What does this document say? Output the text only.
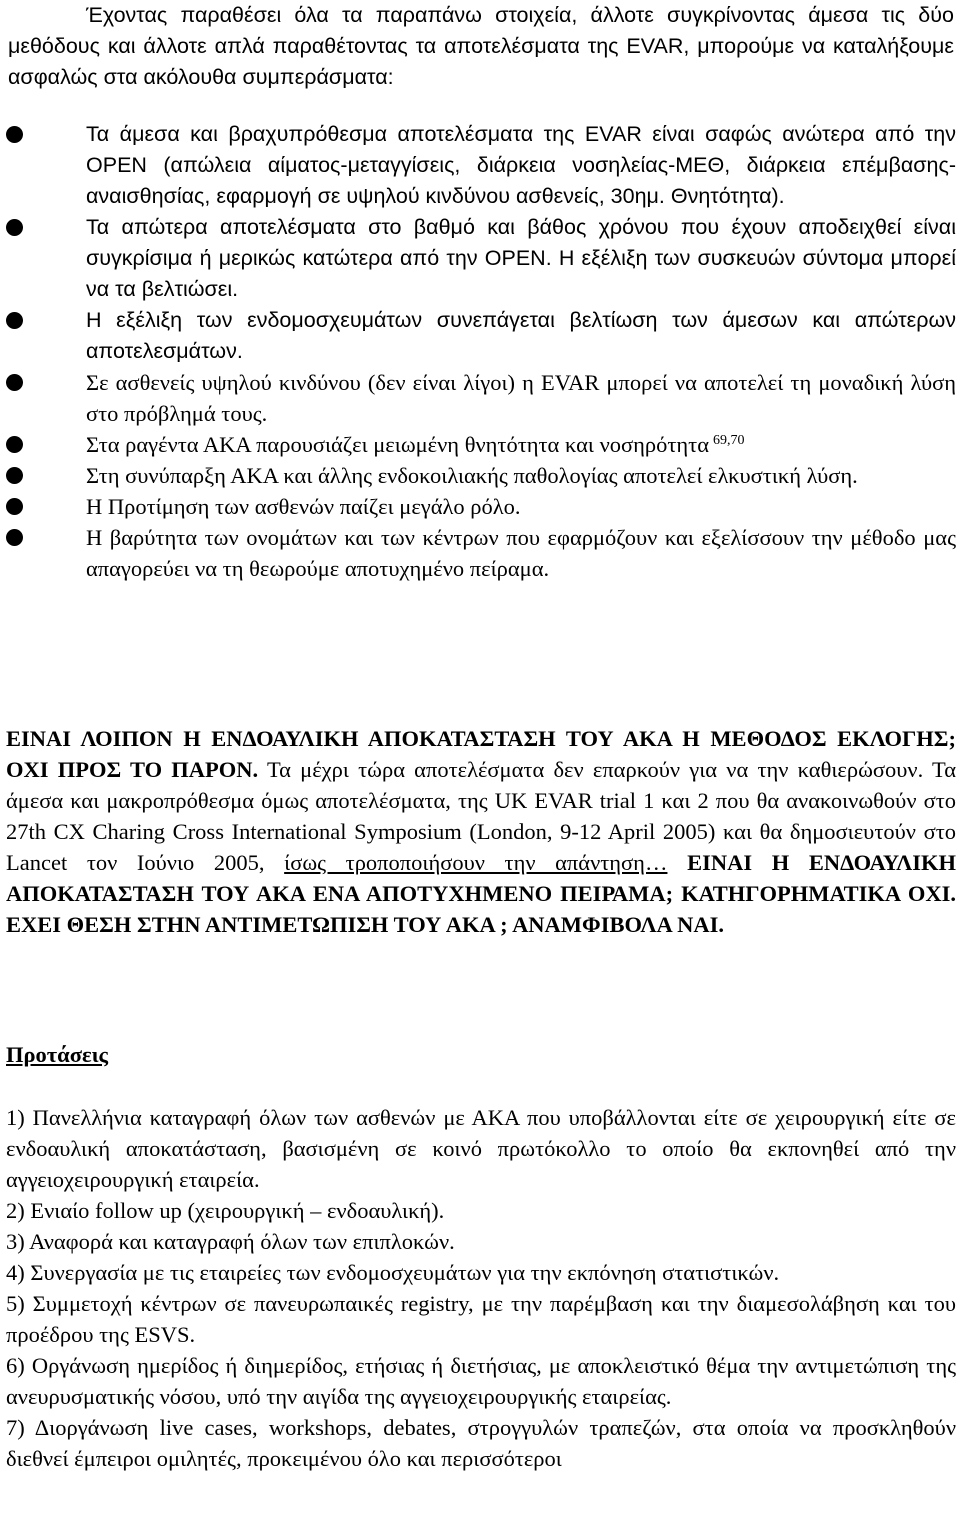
Έχοντας παραθέσει όλα τα παραπάνω στοιχεία, άλλοτε συγκρίνοντας άμεσα τις δύο μεθόδους και άλλοτε απλά παραθέτοντας τα αποτελέσματα της EVAR, μπορούμε να καταλήξουμε ασφαλώς στα ακόλουθα συμπεράσματα:
Τα άμεσα και βραχυπρόθεσμα αποτελέσματα της EVAR είναι σαφώς ανώτερα από την OPEN (απώλεια αίματος-μεταγγίσεις, διάρκεια νοσηλείας-ΜΕΘ, διάρκεια επέμβασης-αναισθησίας, εφαρμογή σε υψηλού κινδύνου ασθενείς, 30ημ. Θνητότητα).
Τα απώτερα αποτελέσματα στο βαθμό και βάθος χρόνου που έχουν αποδειχθεί είναι συγκρίσιμα ή μερικώς κατώτερα από την OPEN. Η εξέλιξη των συσκευών σύντομα μπορεί να τα βελτιώσει.
Η εξέλιξη των ενδομοσχευμάτων συνεπάγεται βελτίωση των άμεσων και απώτερων αποτελεσμάτων.
Σε ασθενείς υψηλού κινδύνου (δεν είναι λίγοι) η EVAR μπορεί να αποτελεί τη μοναδική λύση στο πρόβλημά τους.
Στα ραγέντα ΑΚΑ παρουσιάζει μειωμένη θνητότητα και νοσηρότητα $^{69,70}$
Στη συνύπαρξη ΑΚΑ και άλλης ενδοκοιλιακής παθολογίας αποτελεί ελκυστική λύση.
Η Προτίμηση των ασθενών παίζει μεγάλο ρόλο.
Η βαρύτητα των ονομάτων και των κέντρων που εφαρμόζουν και εξελίσσουν την μέθοδο μας απαγορεύει να τη θεωρούμε αποτυχημένο πείραμα.
ΕΙΝΑΙ ΛΟΙΠΟΝ Η ΕΝΔΟΑΥΛΙΚΗ ΑΠΟΚΑΤΑΣΤΑΣΗ ΤΟΥ ΑΚΑ Η ΜΕΘΟΔΟΣ ΕΚΛΟΓΗΣ; ΟΧΙ ΠΡΟΣ ΤΟ ΠΑΡΟΝ. Τα μέχρι τώρα αποτελέσματα δεν επαρκούν για να την καθιερώσουν. Τα άμεσα και μακροπρόθεσμα όμως αποτελέσματα, της UK EVAR trial 1 και 2 που θα ανακοινωθούν στο 27th CX Charing Cross International Symposium (London, 9-12 April 2005) και θα δημοσιευτούν στο Lancet τον Ιούνιο 2005, ίσως τροποποιήσουν την απάντηση… ΕΙΝΑΙ Η ΕΝΔΟΑΥΛΙΚΗ ΑΠΟΚΑΤΑΣΤΑΣΗ ΤΟΥ ΑΚΑ ΕΝΑ ΑΠΟΤΥΧΗΜΕΝΟ ΠΕΙΡΑΜΑ; ΚΑΤΗΓΟΡΗΜΑΤΙΚΑ ΟΧΙ. ΕΧΕΙ ΘΕΣΗ ΣΤΗΝ ΑΝΤΙΜΕΤΩΠΙΣΗ ΤΟΥ ΑΚΑ ; ΑΝΑΜΦΙΒΟΛΑ ΝΑΙ.
Προτάσεις

1) Πανελλήνια καταγραφή όλων των ασθενών με ΑΚΑ που υποβάλλονται είτε σε χειρουργική είτε σε ενδοαυλική αποκατάσταση, βασισμένη σε κοινό πρωτόκολλο το οποίο θα εκπονηθεί από την αγγειοχειρουργική εταιρεία.

2) Ενιαίο follow up (χειρουργική – ενδοαυλική).

3) Αναφορά και καταγραφή όλων των επιπλοκών.

4) Συνεργασία με τις εταιρείες των ενδομοσχευμάτων για την εκπόνηση στατιστικών.

5) Συμμετοχή κέντρων σε πανευρωπαικές registry, με την παρέμβαση και την διαμεσολάβηση και του προέδρου της ESVS.

6) Οργάνωση ημερίδος ή διημερίδος, ετήσιας ή διετήσιας, με αποκλειστικό θέμα την αντιμετώπιση της ανευρυσματικής νόσου, υπό την αιγίδα της αγγειοχειρουργικής εταιρείας.

7) Διοργάνωση live cases, workshops, debates, στρογγυλών τραπεζών, στα οποία να προσκληθούν διεθνεί έμπειροι ομιλητές, προκειμένου όλο και περισσότεροι
